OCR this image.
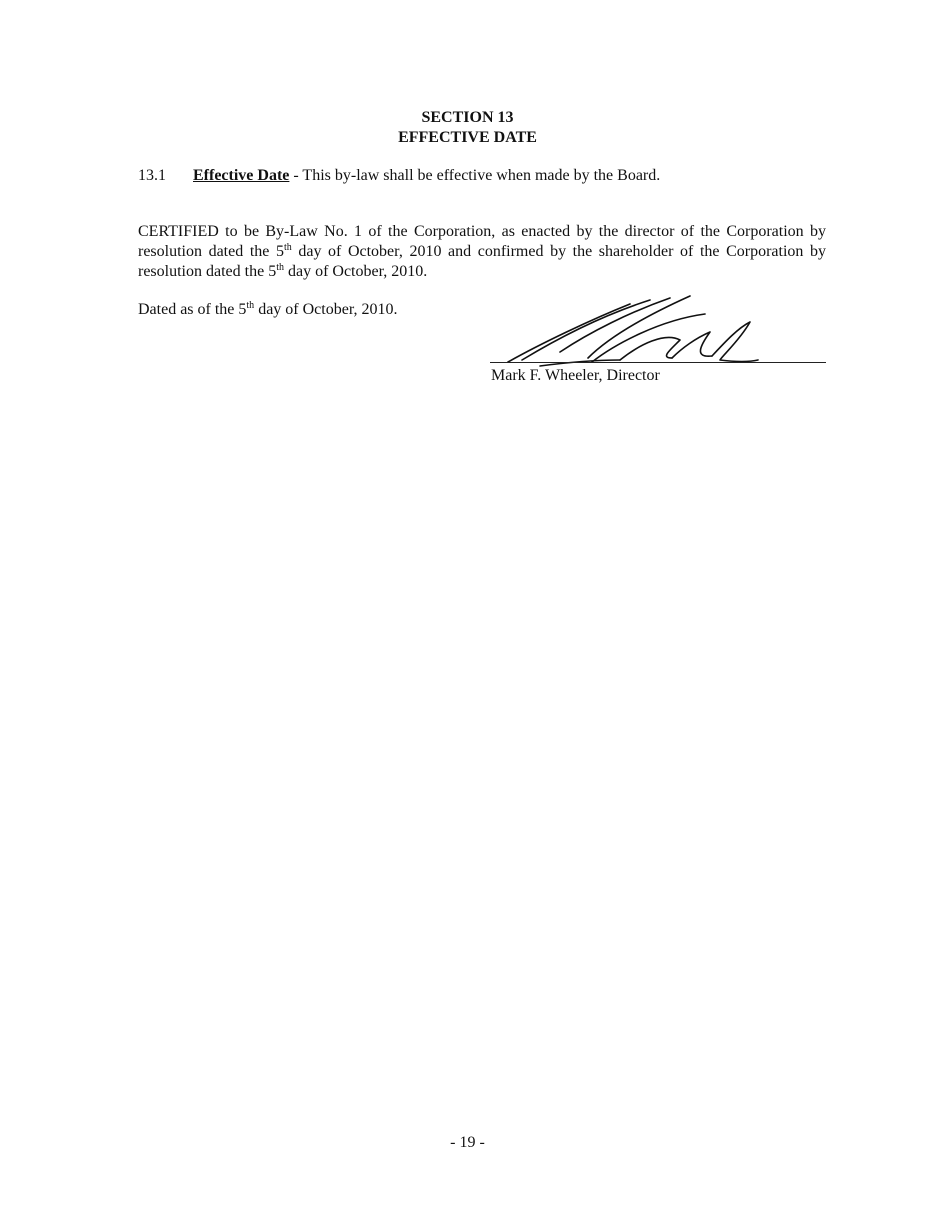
SECTION 13
EFFECTIVE DATE
13.1 Effective Date - This by-law shall be effective when made by the Board.
CERTIFIED to be By-Law No. 1 of the Corporation, as enacted by the director of the Corporation by
resolution dated the 5th day of October, 2010 and confirmed by the shareholder of the Corporation by
resolution dated the 5th day of October, 2010.
Dated as of the 5th day of October, 2010.
Mark F. Wheeler, Director
- 19 -
